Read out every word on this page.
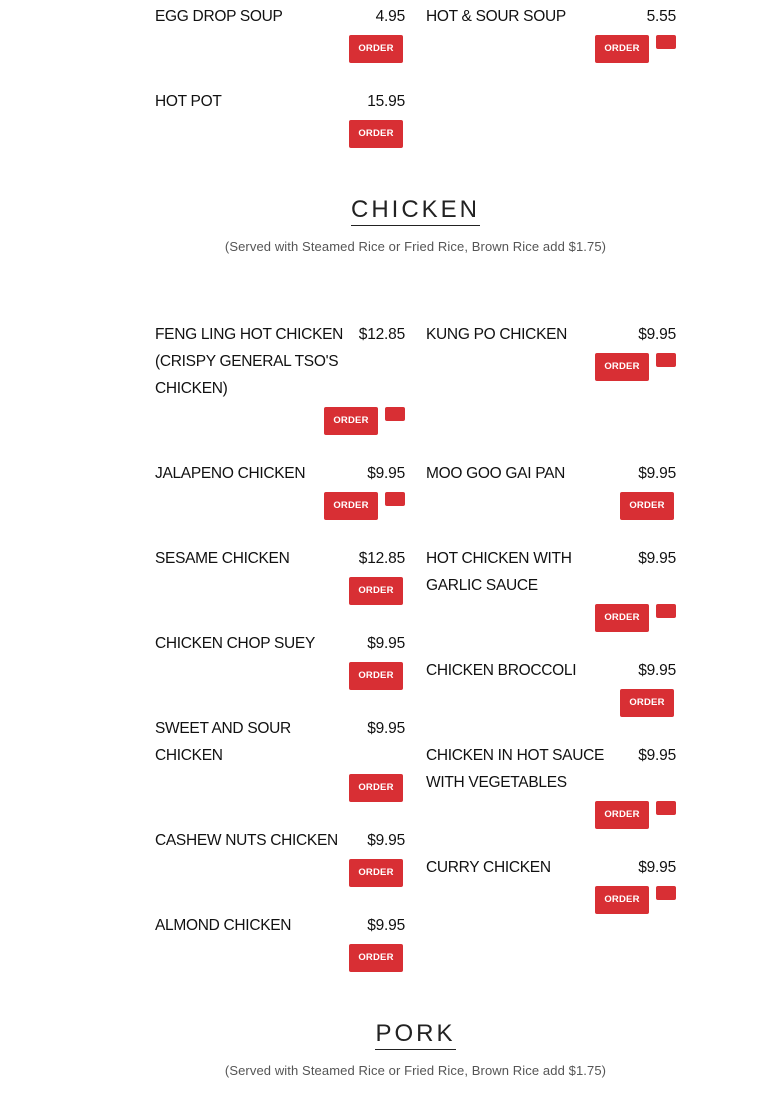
EGG DROP SOUP	4.95
ORDER
HOT & SOUR SOUP	5.55
ORDER
HOT POT	15.95
ORDER
CHICKEN
(Served with Steamed Rice or Fried Rice, Brown Rice add $1.75)
FENG LING HOT CHICKEN (CRISPY GENERAL TSO'S CHICKEN)
$12.85
ORDER
JALAPENO CHICKEN	$9.95
ORDER
SESAME CHICKEN	$12.85
ORDER
CHICKEN CHOP SUEY	$9.95
ORDER
SWEET AND SOUR CHICKEN
$9.95
ORDER
CASHEW NUTS CHICKEN	$9.95
ORDER
ALMOND CHICKEN	$9.95
ORDER
KUNG PO CHICKEN	$9.95
ORDER
MOO GOO GAI PAN	$9.95
ORDER
HOT CHICKEN WITH GARLIC SAUCE
$9.95
ORDER
CHICKEN BROCCOLI	$9.95
ORDER
CHICKEN IN HOT SAUCE WITH VEGETABLES
$9.95
ORDER
CURRY CHICKEN	$9.95
ORDER
PORK
(Served with Steamed Rice or Fried Rice, Brown Rice add $1.75)
